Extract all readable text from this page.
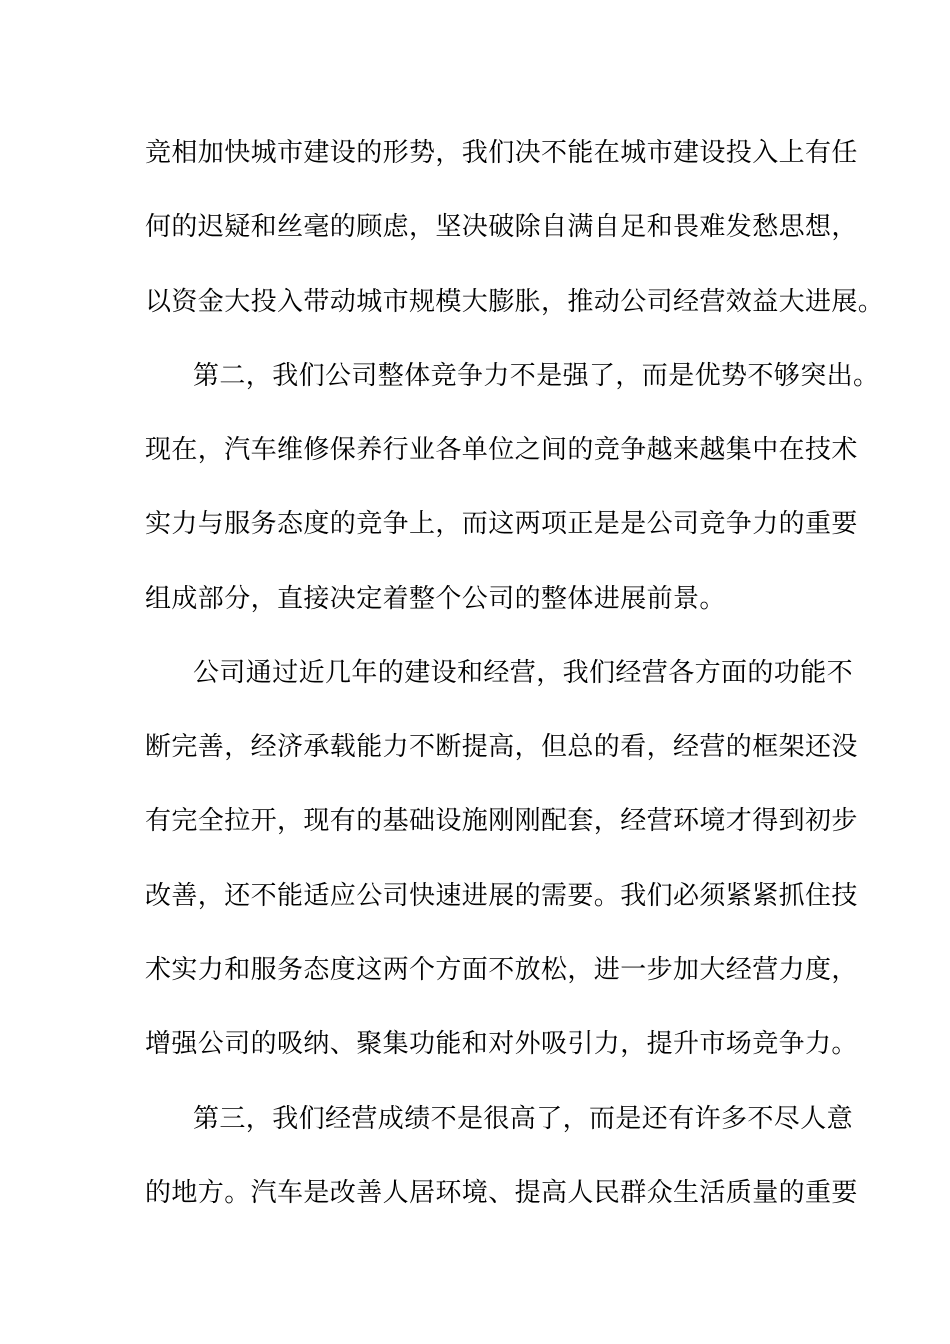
竞相加快城市建设的形势，我们决不能在城市建设投入上有任
何的迟疑和丝毫的顾虑，坚决破除自满自足和畏难发愁思想，
以资金大投入带动城市规模大膨胀，推动公司经营效益大进展。
第二，我们公司整体竞争力不是强了，而是优势不够突出。
现在，汽车维修保养行业各单位之间的竞争越来越集中在技术
实力与服务态度的竞争上，而这两项正是是公司竞争力的重要
组成部分，直接决定着整个公司的整体进展前景。
公司通过近几年的建设和经营，我们经营各方面的功能不
断完善，经济承载能力不断提高，但总的看，经营的框架还没
有完全拉开，现有的基础设施刚刚配套，经营环境才得到初步
改善，还不能适应公司快速进展的需要。我们必须紧紧抓住技
术实力和服务态度这两个方面不放松，进一步加大经营力度，
增强公司的吸纳、聚集功能和对外吸引力，提升市场竞争力。
第三，我们经营成绩不是很高了，而是还有许多不尽人意
的地方。汽车是改善人居环境、提高人民群众生活质量的重要
